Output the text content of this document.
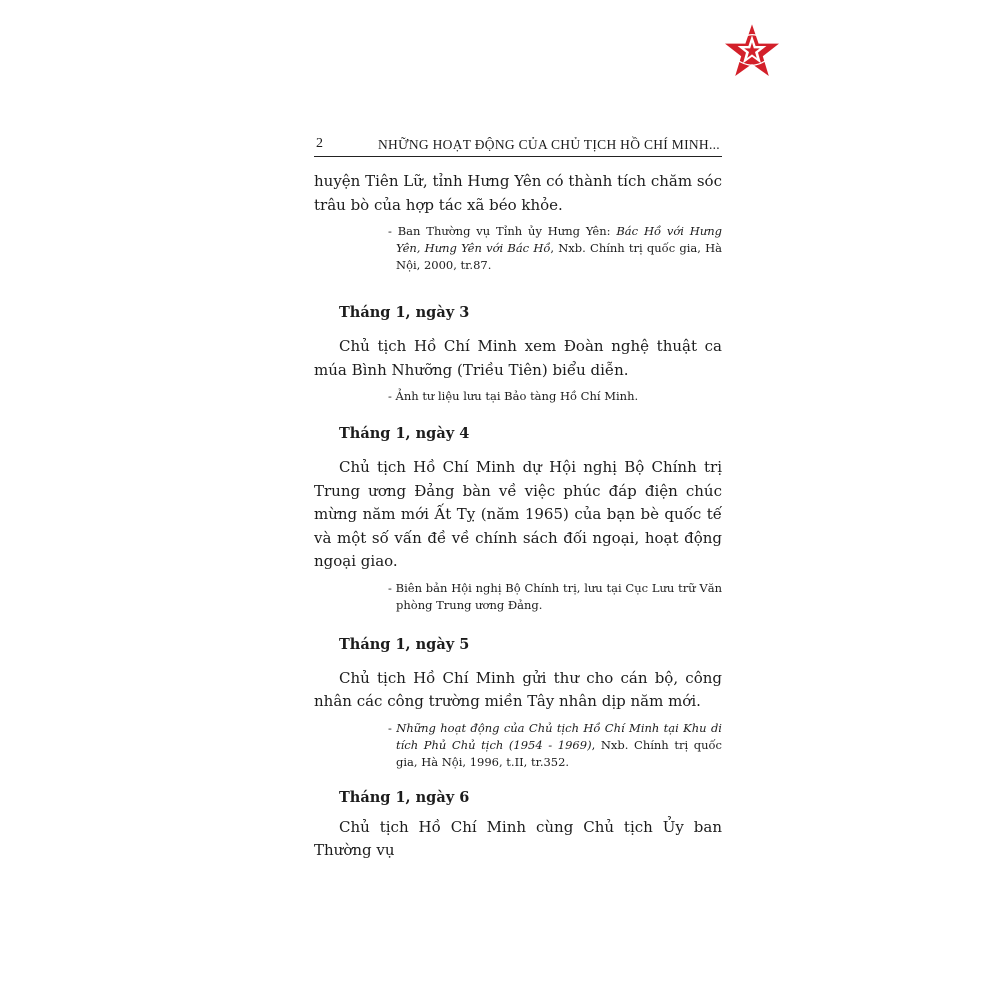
2	NHỮNG HOẠT ĐỘNG CỦA CHỦ TỊCH HỒ CHÍ MINH...

huyện Tiên Lữ, tỉnh Hưng Yên có thành tích chăm sóc trâu bò của hợp tác xã béo khỏe.

- Ban Thường vụ Tỉnh ủy Hưng Yên: Bác Hồ với Hưng Yên, Hưng Yên với Bác Hồ, Nxb. Chính trị quốc gia, Hà Nội, 2000, tr.87.

Tháng 1, ngày 3

Chủ tịch Hồ Chí Minh xem Đoàn nghệ thuật ca múa Bình Nhưỡng (Triều Tiên) biểu diễn.

- Ảnh tư liệu lưu tại Bảo tàng Hồ Chí Minh.

Tháng 1, ngày 4

Chủ tịch Hồ Chí Minh dự Hội nghị Bộ Chính trị Trung ương Đảng bàn về việc phúc đáp điện chúc mừng năm mới Ất Tỵ (năm 1965) của bạn bè quốc tế và một số vấn đề về chính sách đối ngoại, hoạt động ngoại giao.

- Biên bản Hội nghị Bộ Chính trị, lưu tại Cục Lưu trữ Văn phòng Trung ương Đảng.

Tháng 1, ngày 5

Chủ tịch Hồ Chí Minh gửi thư cho cán bộ, công nhân các công trường miền Tây nhân dịp năm mới.

- Những hoạt động của Chủ tịch Hồ Chí Minh tại Khu di tích Phủ Chủ tịch (1954 - 1969), Nxb. Chính trị quốc gia, Hà Nội, 1996, t.II, tr.352.

Tháng 1, ngày 6

Chủ tịch Hồ Chí Minh cùng Chủ tịch Ủy ban Thường vụ
